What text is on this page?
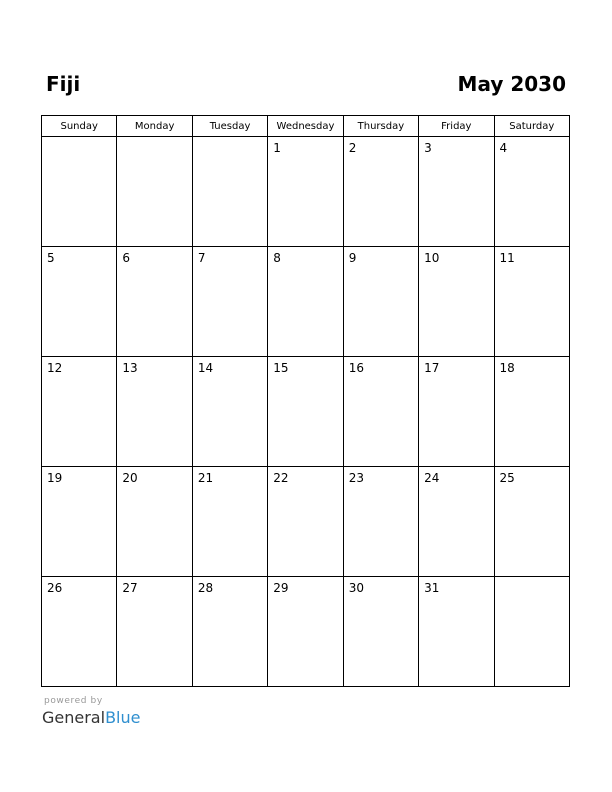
Fiji	May 2030
Sunday	Monday	Tuesday	Wednesday	Thursday	Friday	Saturday

			1	2	3	4

5	6	7	8	9	10	11

12	13	14	15	16	17	18

19	20	21	22	23	24	25

26	27	28	29	30	31	

powered by
GeneralBlue
